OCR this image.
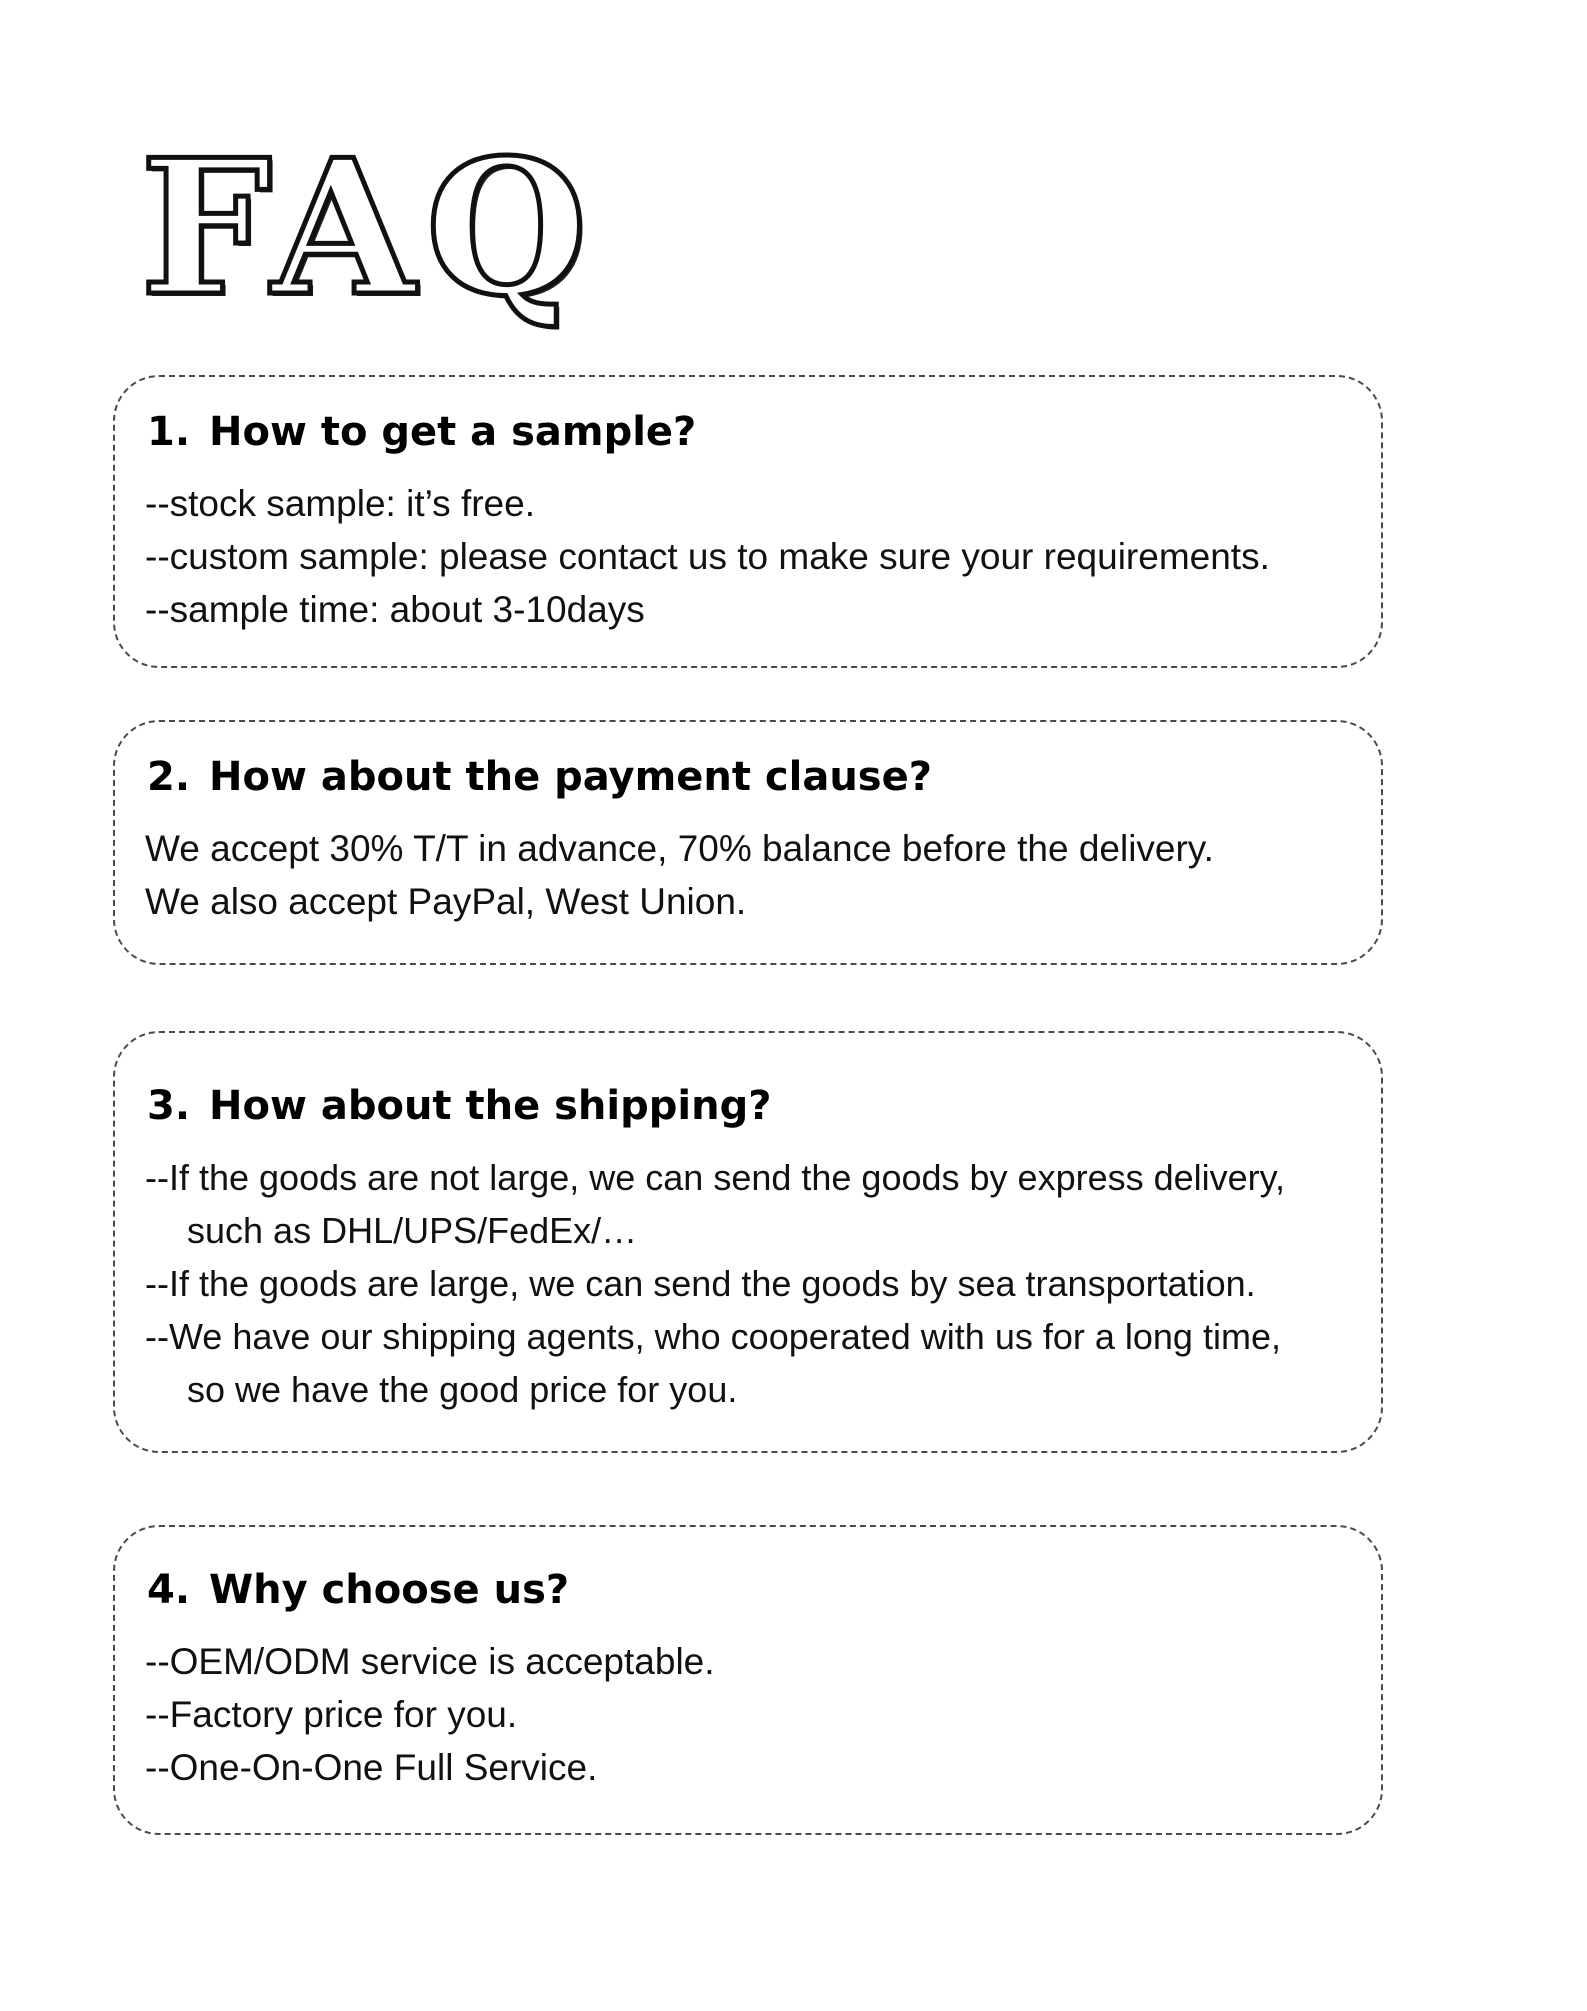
FAQ
1. How to get a sample?
--stock sample: it’s free.
--custom sample: please contact us to make sure your requirements.
--sample time: about 3-10days
2. How about the payment clause?
We accept 30% T/T in advance, 70% balance before the delivery.
We also accept PayPal, West Union.
3. How about the shipping?
--If the goods are not large, we can send the goods by express delivery,
such as DHL/UPS/FedEx/…
--If the goods are large, we can send the goods by sea transportation.
--We have our shipping agents, who cooperated with us for a long time,
so we have the good price for you.
4. Why choose us?
--OEM/ODM service is acceptable.
--Factory price for you.
--One-On-One Full Service.
